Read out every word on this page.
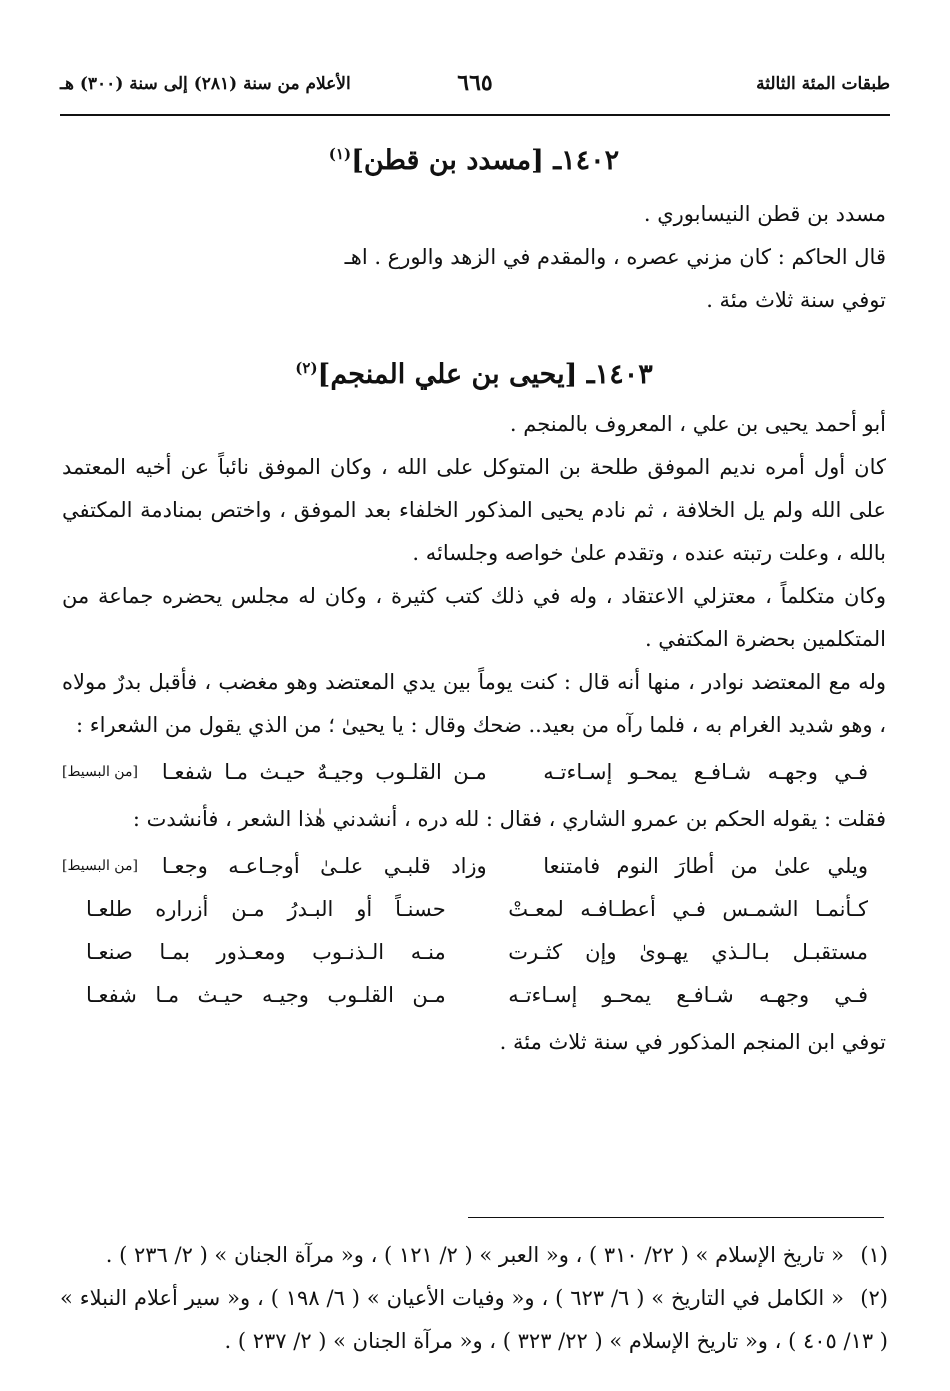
طبقات المئة الثالثة
٦٦٥
الأعلام من سنة (٢٨١) إلى سنة (٣٠٠) هـ
١٤٠٢ـ [مسدد بن قطن]$^{(١)}$

مسدد بن قطن النيسابوري .

قال الحاكم : كان مزني عصره ، والمقدم في الزهد والورع . اهـ

توفي سنة ثلاث مئة .

١٤٠٣ـ [يحيى بن علي المنجم]$^{(٢)}$

أبو أحمد يحيى بن علي ، المعروف بالمنجم .

كان أول أمره نديم الموفق طلحة بن المتوكل على الله ، وكان الموفق نائباً عن أخيه المعتمد على الله ولم يل الخلافة ، ثم نادم يحيى المذكور الخلفاء بعد الموفق ، واختص بمنادمة المكتفي بالله ، وعلت رتبته عنده ، وتقدم علىٰ خواصه وجلسائه .

وكان متكلماً ، معتزلي الاعتقاد ، وله في ذلك كتب كثيرة ، وكان له مجلس يحضره جماعة من المتكلمين بحضرة المكتفي .

وله مع المعتضد نوادر ، منها أنه قال : كنت يوماً بين يدي المعتضد وهو مغضب ، فأقبل بدرٌ مولاه ، وهو شديد الغرام به ، فلما رآه من بعيد.. ضحك وقال : يا يحيىٰ ؛ من الذي يقول من الشعراء :
[من البسيط]	فـي وجهـه شـافـع يمحـو إسـاءتـه
مـن القلـوب وجيـهٌ حيـث مـا شفعـا

فقلت : يقوله الحكم بن عمرو الشاري ، فقال : لله دره ، أنشدني هٰذا الشعر ، فأنشدت :
[من البسيط]	ويلي علىٰ من أطارَ النوم فامتنعا
وزاد قلبـي علـىٰ أوجـاعـه وجعـا
كـأنمـا الشمـس فـي أعطـافـه لمعـتْ
حسنـاً أو البـدرُ مـن أزراره طلعـا
مستقبـل بـالـذي يهـوىٰ وإن كثـرت
منـه الـذنـوب ومعـذور بمـا صنعـا
فـي وجهـه شـافـع يمحـو إسـاءتـه
مـن القلـوب وجيـه حيـث مـا شفعـا

توفي ابن المنجم المذكور في سنة ثلاث مئة .

(١)« تاريخ الإسلام » ( ٢٢/ ٣١٠ ) ، و« العبر » ( ٢/ ١٢١ ) ، و« مرآة الجنان » ( ٢/ ٢٣٦ ) .

(٢)« الكامل في التاريخ » ( ٦/ ٦٢٣ ) ، و« وفيات الأعيان » ( ٦/ ١٩٨ ) ، و« سير أعلام النبلاء » ( ١٣/ ٤٠٥ ) ، و« تاريخ الإسلام » ( ٢٢/ ٣٢٣ ) ، و« مرآة الجنان » ( ٢/ ٢٣٧ ) .
